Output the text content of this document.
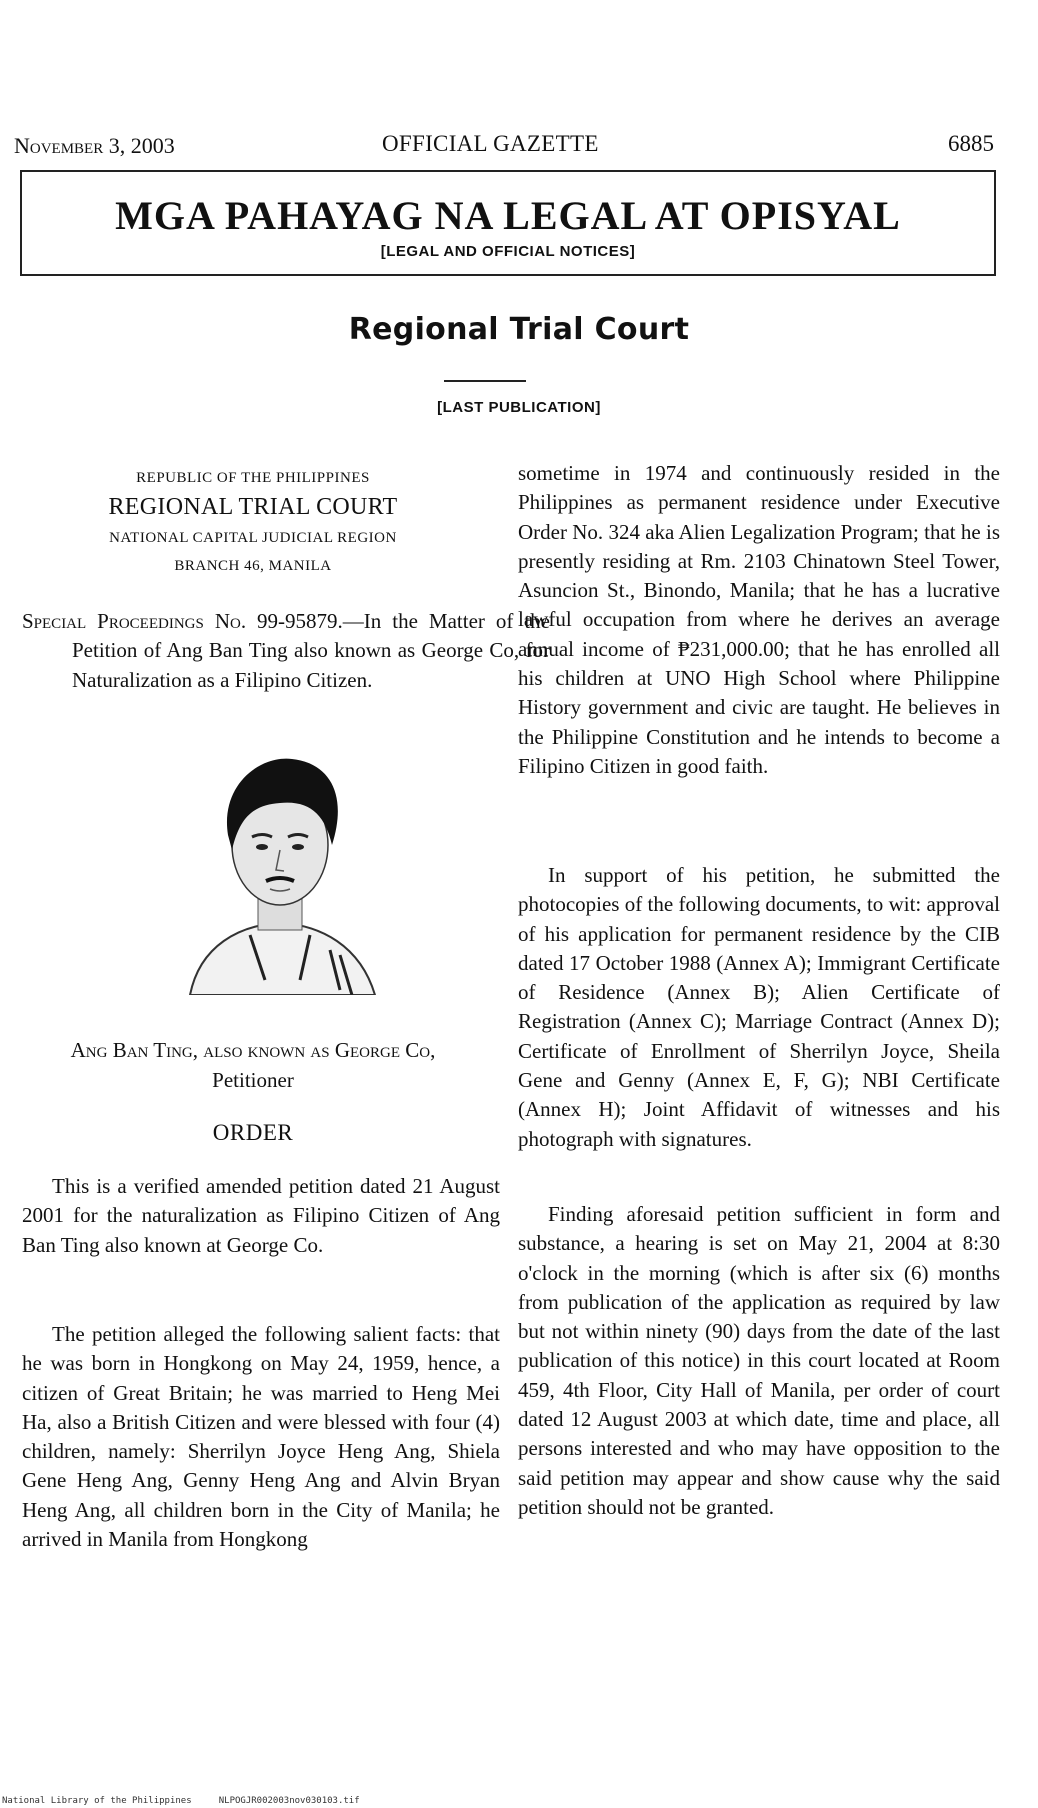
November 3, 2003	OFFICIAL GAZETTE	6885
MGA PAHAYAG NA LEGAL AT OPISYAL
[LEGAL AND OFFICIAL NOTICES]
Regional Trial Court
[LAST PUBLICATION]
REPUBLIC OF THE PHILIPPINES
REGIONAL TRIAL COURT
NATIONAL CAPITAL JUDICIAL REGION
BRANCH 46, MANILA
Special Proceedings No. 99-95879.—In the Matter of the Petition of Ang Ban Ting also known as George Co, for Naturalization as a Filipino Citizen.
Ang Ban Ting, also known as George Co,
Petitioner
ORDER
This is a verified amended petition dated 21 August 2001 for the naturalization as Filipino Citizen of Ang Ban Ting also known at George Co.
The petition alleged the following salient facts: that he was born in Hongkong on May 24, 1959, hence, a citizen of Great Britain; he was married to Heng Mei Ha, also a British Citizen and were blessed with four (4) children, namely: Sherrilyn Joyce Heng Ang, Shiela Gene Heng Ang, Genny Heng Ang and Alvin Bryan Heng Ang, all children born in the City of Manila; he arrived in Manila from Hongkong
sometime in 1974 and continuously resided in the Philippines as permanent residence under Executive Order No. 324 aka Alien Legalization Program; that he is presently residing at Rm. 2103 Chinatown Steel Tower, Asuncion St., Binondo, Manila; that he has a lucrative lawful occupation from where he derives an average annual income of ₱231,000.00; that he has enrolled all his children at UNO High School where Philippine History government and civic are taught. He believes in the Philippine Constitution and he intends to become a Filipino Citizen in good faith.
In support of his petition, he submitted the photocopies of the following documents, to wit: approval of his application for permanent residence by the CIB dated 17 October 1988 (Annex A); Immigrant Certificate of Residence (Annex B); Alien Certificate of Registration (Annex C); Marriage Contract (Annex D); Certificate of Enrollment of Sherrilyn Joyce, Sheila Gene and Genny (Annex E, F, G); NBI Certificate (Annex H); Joint Affidavit of witnesses and his photograph with signatures.
Finding aforesaid petition sufficient in form and substance, a hearing is set on May 21, 2004 at 8:30 o'clock in the morning (which is after six (6) months from publication of the application as required by law but not within ninety (90) days from the date of the last publication of this notice) in this court located at Room 459, 4th Floor, City Hall of Manila, per order of court dated 12 August 2003 at which date, time and place, all persons interested and who may have opposition to the said petition may appear and show cause why the said petition should not be granted.
National Library of the Philippines	NLPOGJR002003nov030103.tif
